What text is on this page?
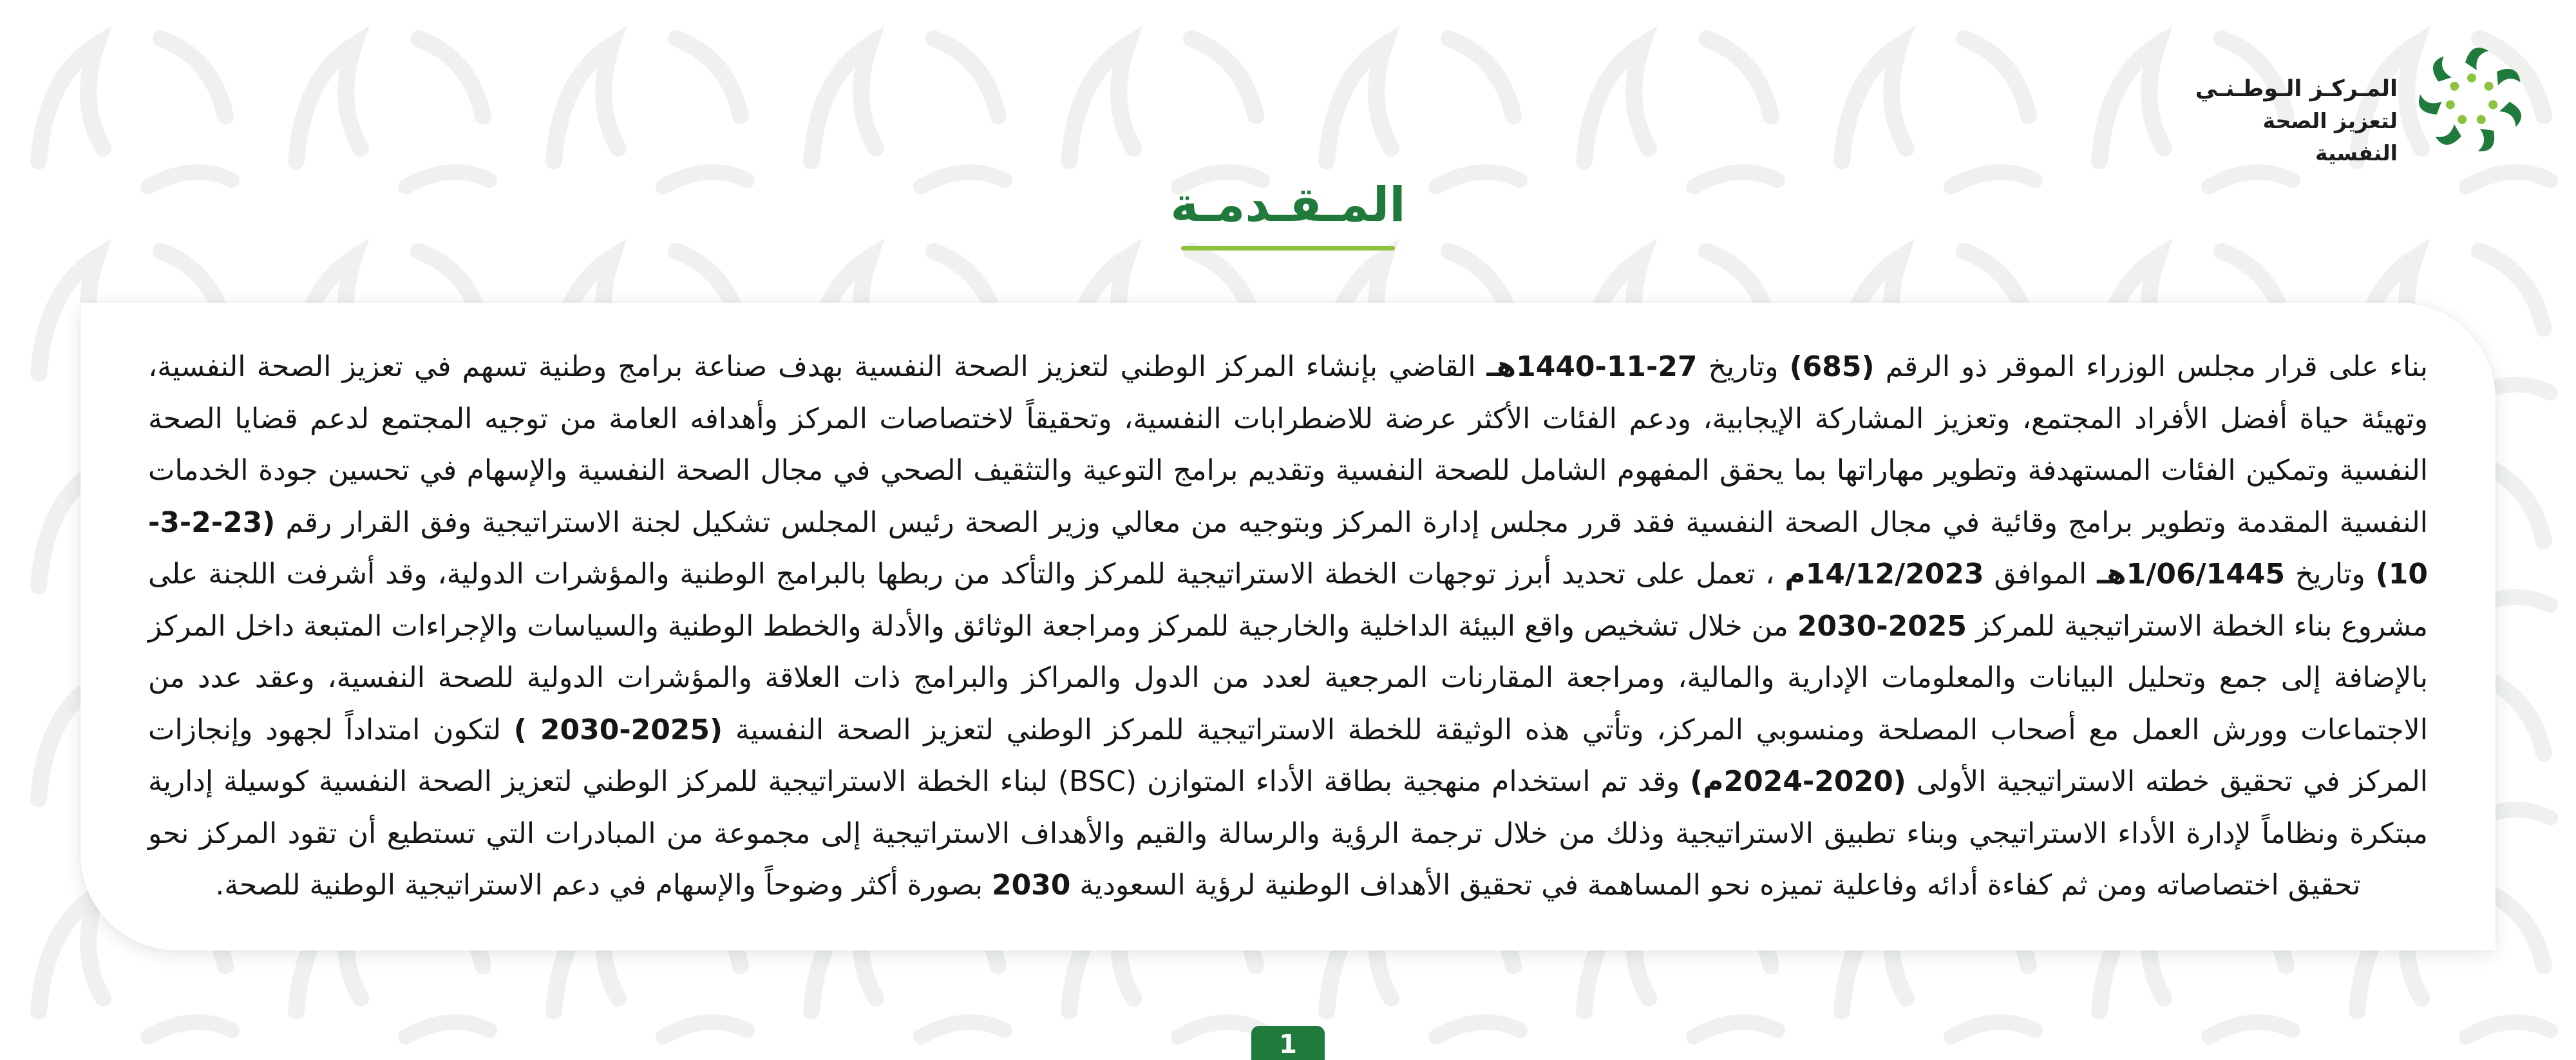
المـركـز الـوطـنـي
لتعزيز الصحة النفسية
المـقـدمـة

بناء على قرار مجلس الوزراء الموقر ذو الرقم (685) وتاريخ 27-11-1440هـ القاضي بإنشاء المركز الوطني لتعزيز الصحة النفسية بهدف صناعة برامج وطنية تسهم في تعزيز الصحة النفسية، وتهيئة حياة أفضل الأفراد المجتمع، وتعزيز المشاركة الإيجابية، ودعم الفئات الأكثر عرضة للاضطرابات النفسية، وتحقيقاً لاختصاصات المركز وأهدافه العامة من توجيه المجتمع لدعم قضايا الصحة النفسية وتمكين الفئات المستهدفة وتطوير مهاراتها بما يحقق المفهوم الشامل للصحة النفسية وتقديم برامج التوعية والتثقيف الصحي في مجال الصحة النفسية والإسهام في تحسين جودة الخدمات النفسية المقدمة وتطوير برامج وقائية في مجال الصحة النفسية فقد قرر مجلس إدارة المركز وبتوجيه من معالي وزير الصحة رئيس المجلس تشكيل لجنة الاستراتيجية وفق القرار رقم (23-2-3-10) وتاريخ 1/06/1445هـ الموافق 14/12/2023م ، تعمل على تحديد أبرز توجهات الخطة الاستراتيجية للمركز والتأكد من ربطها بالبرامج الوطنية والمؤشرات الدولية، وقد أشرفت اللجنة على مشروع بناء الخطة الاستراتيجية للمركز 2025-2030 من خلال تشخيص واقع البيئة الداخلية والخارجية للمركز ومراجعة الوثائق والأدلة والخطط الوطنية والسياسات والإجراءات المتبعة داخل المركز بالإضافة إلى جمع وتحليل البيانات والمعلومات الإدارية والمالية، ومراجعة المقارنات المرجعية لعدد من الدول والمراكز والبرامج ذات العلاقة والمؤشرات الدولية للصحة النفسية، وعقد عدد من الاجتماعات وورش العمل مع أصحاب المصلحة ومنسوبي المركز، وتأتي هذه الوثيقة للخطة الاستراتيجية للمركز الوطني لتعزيز الصحة النفسية (2025-2030 ) لتكون امتداداً لجهود وإنجازات المركز في تحقيق خطته الاستراتيجية الأولى (2020-2024م) وقد تم استخدام منهجية بطاقة الأداء المتوازن (BSC) لبناء الخطة الاستراتيجية للمركز الوطني لتعزيز الصحة النفسية كوسيلة إدارية مبتكرة ونظاماً لإدارة الأداء الاستراتيجي وبناء تطبيق الاستراتيجية وذلك من خلال ترجمة الرؤية والرسالة والقيم والأهداف الاستراتيجية إلى مجموعة من المبادرات التي تستطيع أن تقود المركز نحو تحقيق اختصاصاته ومن ثم كفاءة أدائه وفاعلية تميزه نحو المساهمة في تحقيق الأهداف الوطنية لرؤية السعودية 2030 بصورة أكثر وضوحاً والإسهام في دعم الاستراتيجية الوطنية للصحة.

1
